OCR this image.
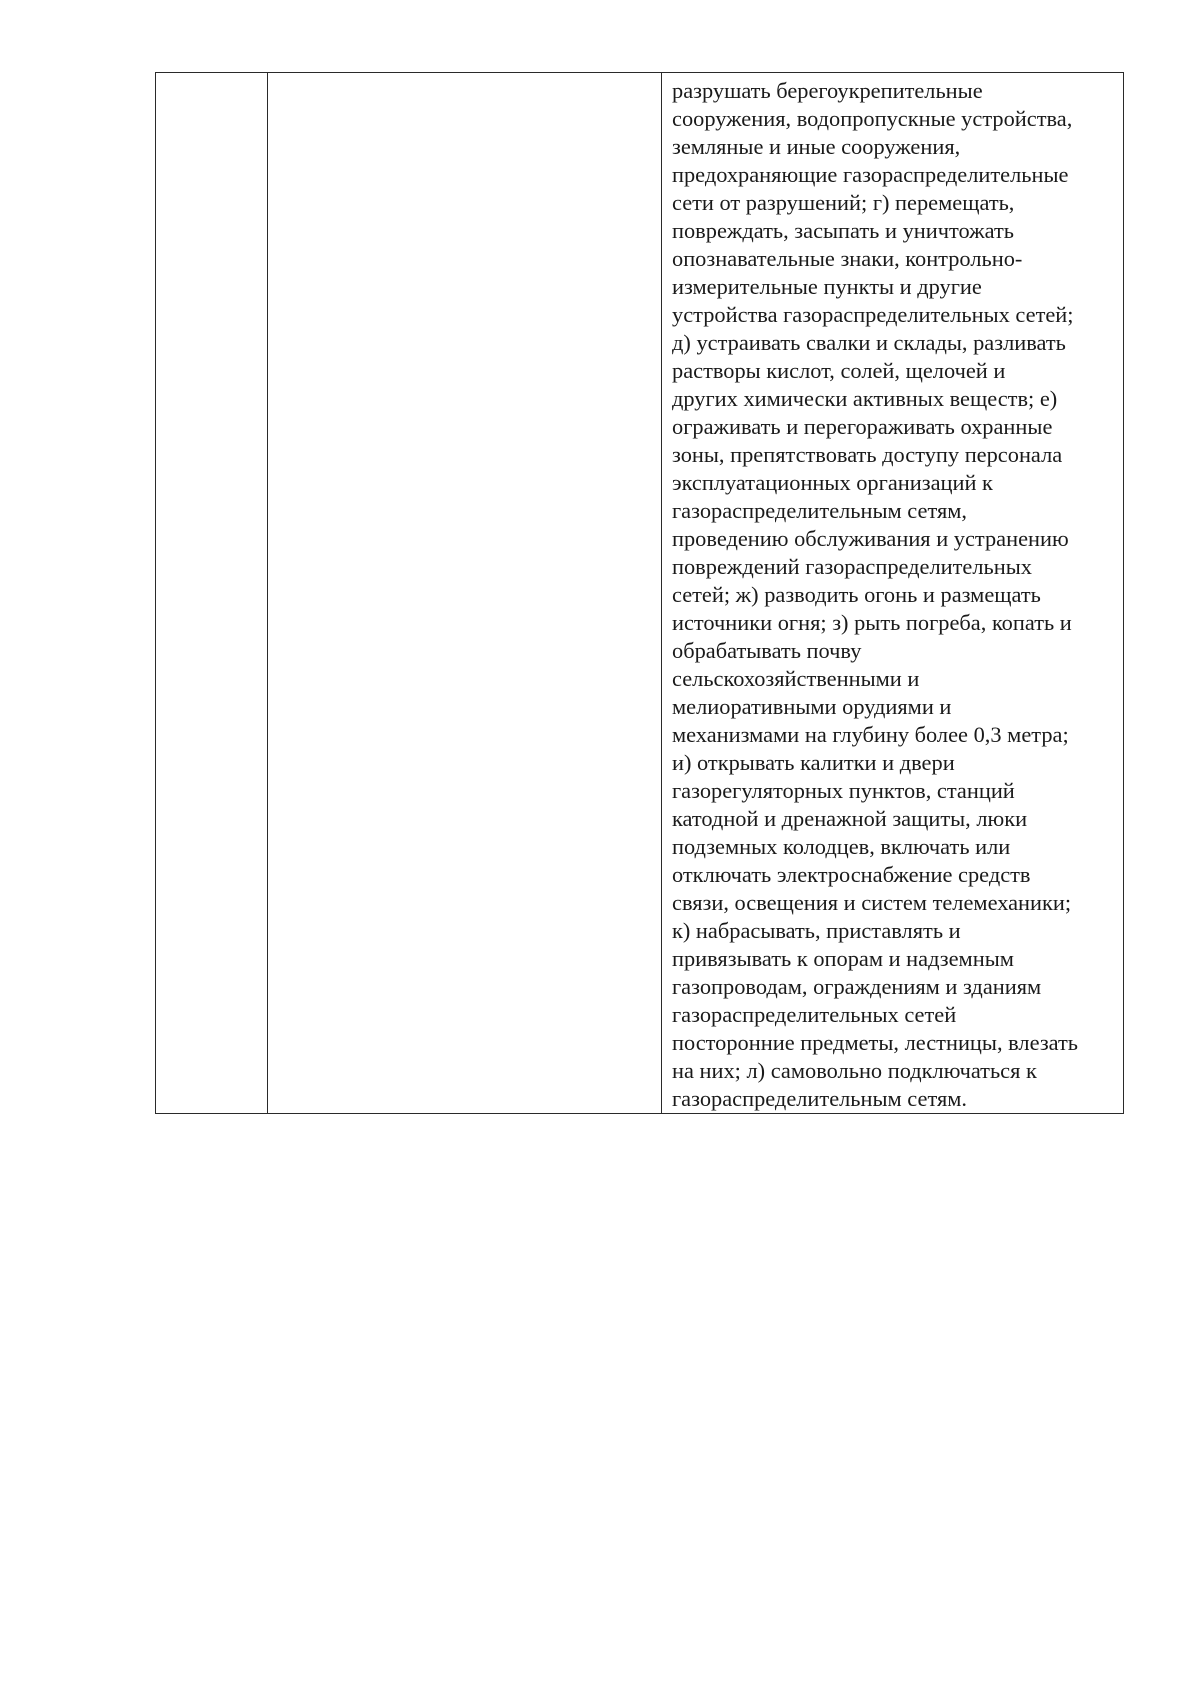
разрушать берегоукрепительные
сооружения, водопропускные устройства,
земляные и иные сооружения,
предохраняющие газораспределительные
сети от разрушений; г) перемещать,
повреждать, засыпать и уничтожать
опознавательные знаки, контрольно-
измерительные пункты и другие
устройства газораспределительных сетей;
д) устраивать свалки и склады, разливать
растворы кислот, солей, щелочей и
других химически активных веществ; е)
ограживать и перегораживать охранные
зоны, препятствовать доступу персонала
эксплуатационных организаций к
газораспределительным сетям,
проведению обслуживания и устранению
повреждений газораспределительных
сетей; ж) разводить огонь и размещать
источники огня; з) рыть погреба, копать и
обрабатывать почву
сельскохозяйственными и
мелиоративными орудиями и
механизмами на глубину более 0,3 метра;
и) открывать калитки и двери
газорегуляторных пунктов, станций
катодной и дренажной защиты, люки
подземных колодцев, включать или
отключать электроснабжение средств
связи, освещения и систем телемеханики;
к) набрасывать, приставлять и
привязывать к опорам и надземным
газопроводам, ограждениям и зданиям
газораспределительных сетей
посторонние предметы, лестницы, влезать
на них; л) самовольно подключаться к
газораспределительным сетям.
